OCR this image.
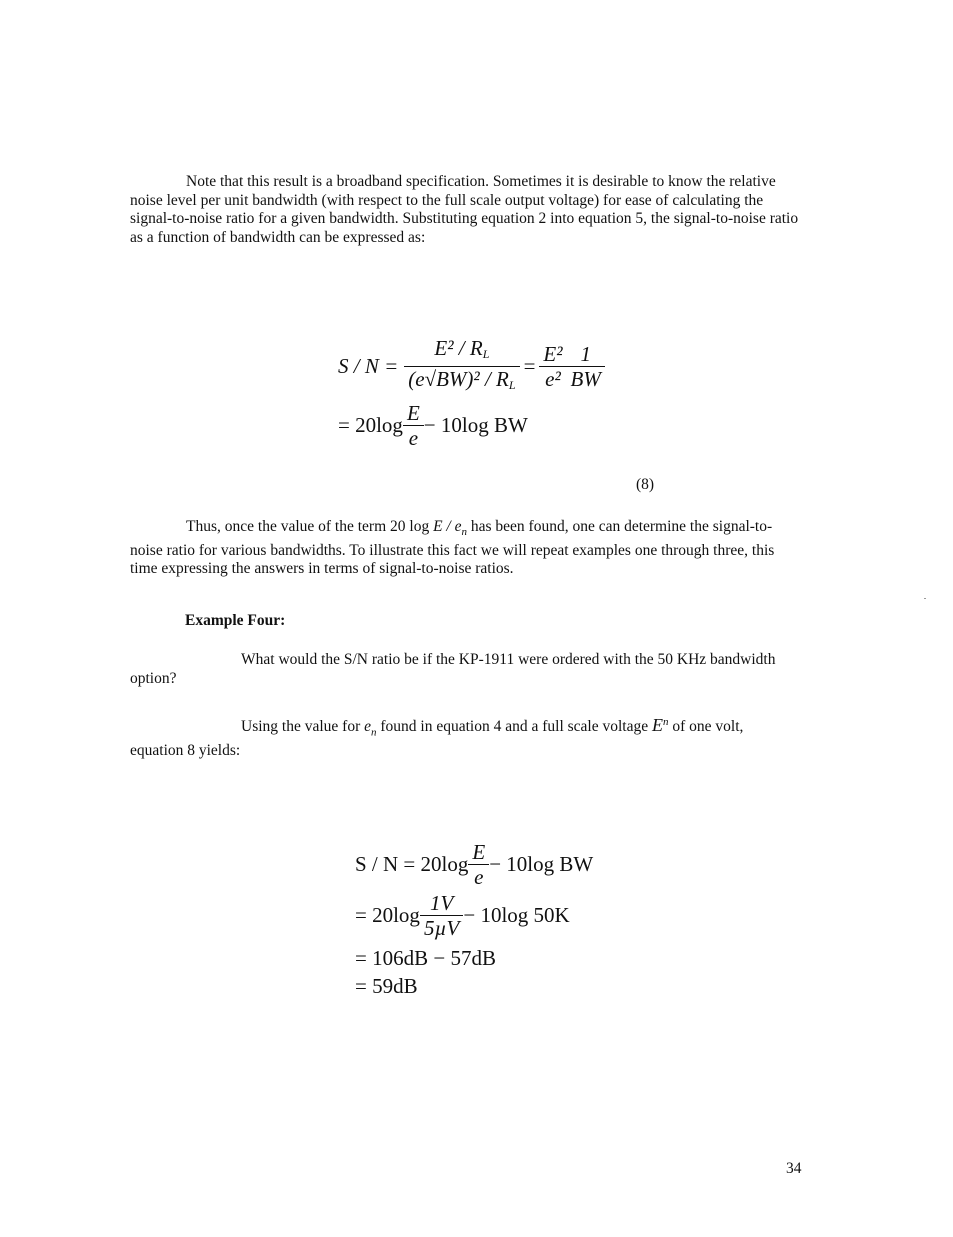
Note that this result is a broadband specification. Sometimes it is desirable to know the relative noise level per unit bandwidth (with respect to the full scale output voltage) for ease of calculating the signal-to-noise ratio for a given bandwidth. Substituting equation 2 into equation 5, the signal-to-noise ratio as a function of bandwidth can be expressed as:

$S / N = \frac{E^2 / R_L}{(e√BW)^2 / R_L} = \frac{\text{E²}}{\text{e²}} \frac{1}{BW}$
= $20\log \frac{E}{e} - 10\log$ BW
(8)

Thus, once the value of the term 20 log E / $e_n$ has been found, one can determine the signal-to-noise ratio for various bandwidths. To illustrate this fact we will repeat examples one through three, this time expressing the answers in terms of signal-to-noise ratios.

Example Four:

What would the S/N ratio be if the KP-1911 were ordered with the 50 KHz bandwidth option?

Using the value for $e_n$ found in equation 4 and a full scale voltage $E^n$ of one volt, equation 8 yields:

$S / N = 20\log \frac{E}{e} - 10\log$ BW
= $20\log \frac{1V}{\text{5µV}} - 10\log$ 50K
= 106dB − 57dB
= 59dB
34
